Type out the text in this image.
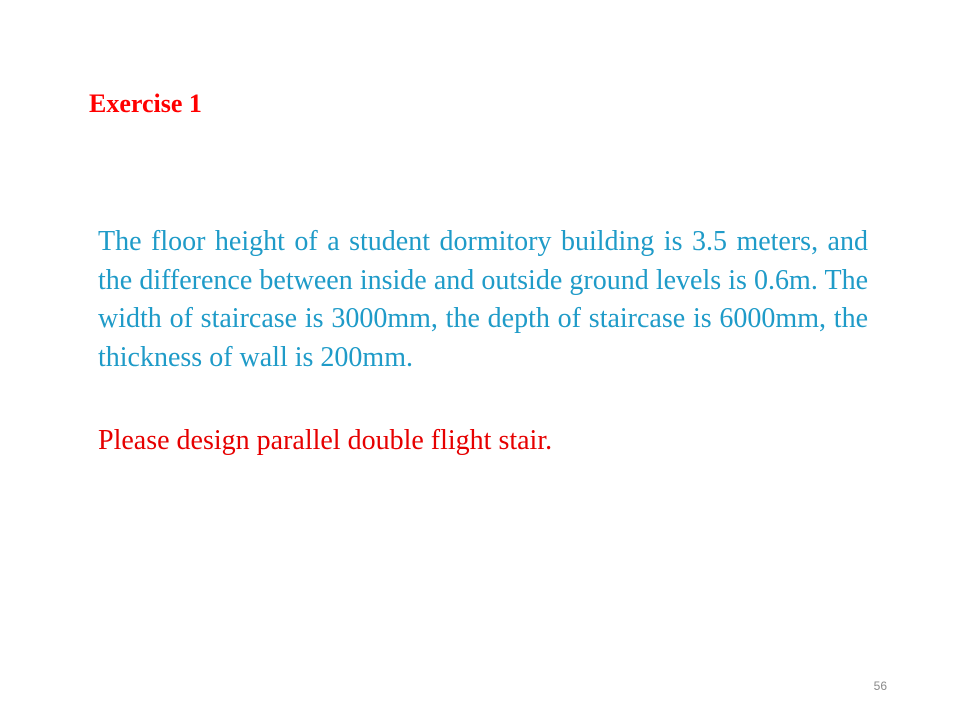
Exercise 1

The floor height of a student dormitory building is 3.5 meters, and the difference between inside and outside ground levels is 0.6m. The width of staircase is 3000mm, the depth of staircase is 6000mm, the thickness of wall is 200mm.

Please design parallel double flight stair.

56
